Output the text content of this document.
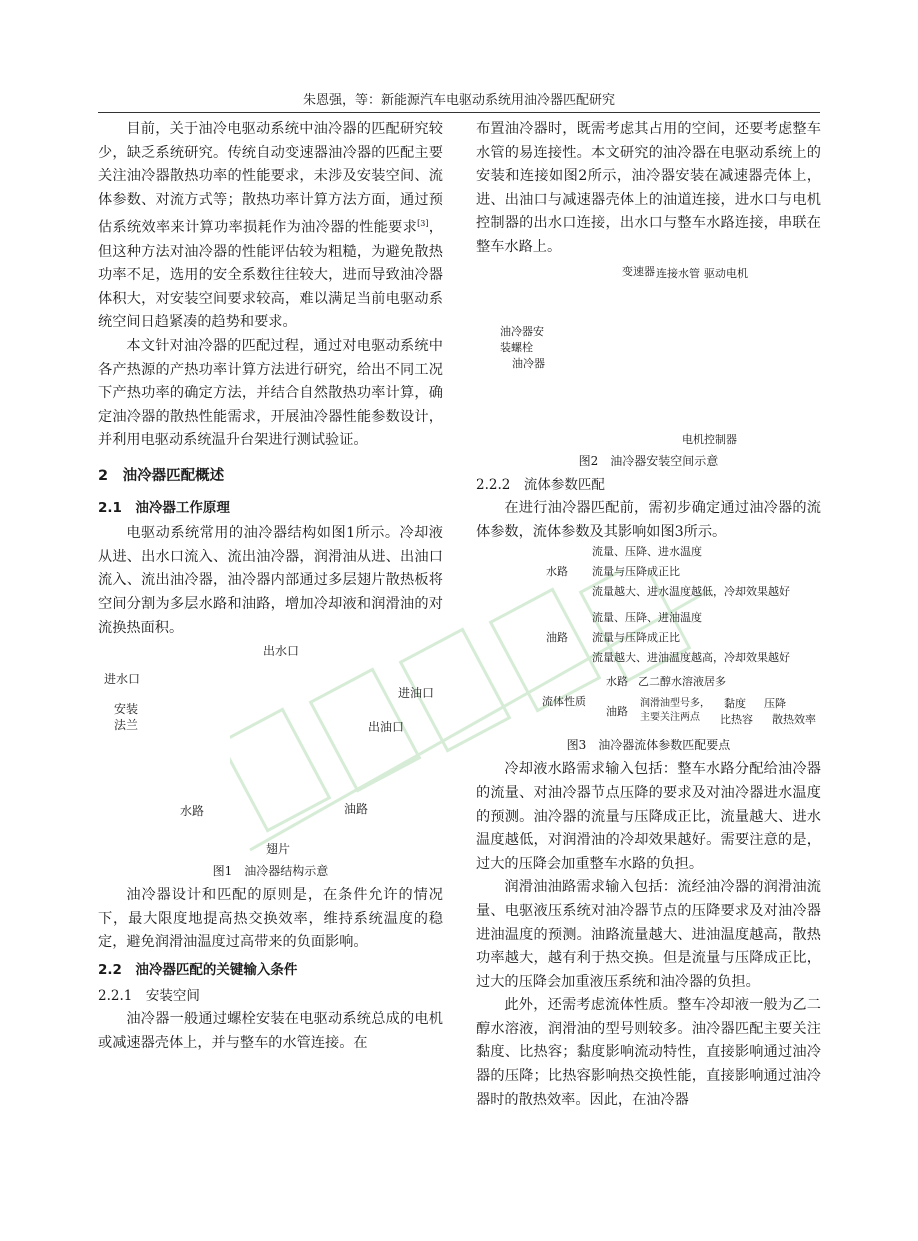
朱恩强，等：新能源汽车电驱动系统用油冷器匹配研究

目前，关于油冷电驱动系统中油冷器的匹配研究较少，缺乏系统研究。传统自动变速器油冷器的匹配主要关注油冷器散热功率的性能要求，未涉及安装空间、流体参数、对流方式等；散热功率计算方法方面，通过预估系统效率来计算功率损耗作为油冷器的性能要求[3]，但这种方法对油冷器的性能评估较为粗糙，为避免散热功率不足，选用的安全系数往往较大，进而导致油冷器体积大，对安装空间要求较高，难以满足当前电驱动系统空间日趋紧凑的趋势和要求。

本文针对油冷器的匹配过程，通过对电驱动系统中各产热源的产热功率计算方法进行研究，给出不同工况下产热功率的确定方法，并结合自然散热功率计算，确定油冷器的散热性能需求，开展油冷器性能参数设计，并利用电驱动系统温升台架进行测试验证。

2　油冷器匹配概述
2.1　油冷器工作原理

电驱动系统常用的油冷器结构如图1所示。冷却液从进、出水口流入、流出油冷器，润滑油从进、出油口流入、流出油冷器，油冷器内部通过多层翅片散热板将空间分割为多层水路和油路，增加冷却液和润滑油的对流换热面积。

出水口
进水口
进油口
安装
法兰	出油口
水路	油路
翅片
图1　油冷器结构示意

油冷器设计和匹配的原则是，在条件允许的情况下，最大限度地提高热交换效率，维持系统温度的稳定，避免润滑油温度过高带来的负面影响。

2.2　油冷器匹配的关键输入条件
2.2.1　安装空间

油冷器一般通过螺栓安装在电驱动系统总成的电机或减速器壳体上，并与整车的水管连接。在

布置油冷器时，既需考虑其占用的空间，还要考虑整车水管的易连接性。本文研究的油冷器在电驱动系统上的安装和连接如图2所示，油冷器安装在减速器壳体上，进、出油口与减速器壳体上的油道连接，进水口与电机控制器的出水口连接，出水口与整车水路连接，串联在整车水路上。

变速器 连接水管 驱动电机
油冷器安
装螺栓
油冷器
电机控制器
图2　油冷器安装空间示意
2.2.2　流体参数匹配

在进行油冷器匹配前，需初步确定通过油冷器的流体参数，流体参数及其影响如图3所示。

水路
流量、压降、进水温度
流量与压降成正比
流量越大、进水温度越低，冷却效果越好
油路
流量、压降、进油温度
流量与压降成正比
流量越大、进油温度越高，冷却效果越好
流体性质
水路 乙二醇水溶液居多
油路
润滑油型号多，
主要关注两点
黏度
比热容
压降
散热效率
图3　油冷器流体参数匹配要点

冷却液水路需求输入包括：整车水路分配给油冷器的流量、对油冷器节点压降的要求及对油冷器进水温度的预测。油冷器的流量与压降成正比，流量越大、进水温度越低，对润滑油的冷却效果越好。需要注意的是，过大的压降会加重整车水路的负担。

润滑油油路需求输入包括：流经油冷器的润滑油流量、电驱液压系统对油冷器节点的压降要求及对油冷器进油温度的预测。油路流量越大、进油温度越高，散热功率越大，越有利于热交换。但是流量与压降成正比，过大的压降会加重液压系统和油冷器的负担。

此外，还需考虑流体性质。整车冷却液一般为乙二醇水溶液，润滑油的型号则较多。油冷器匹配主要关注黏度、比热容；黏度影响流动特性，直接影响通过油冷器的压降；比热容影响热交换性能，直接影响通过油冷器时的散热效率。因此，在油冷器
